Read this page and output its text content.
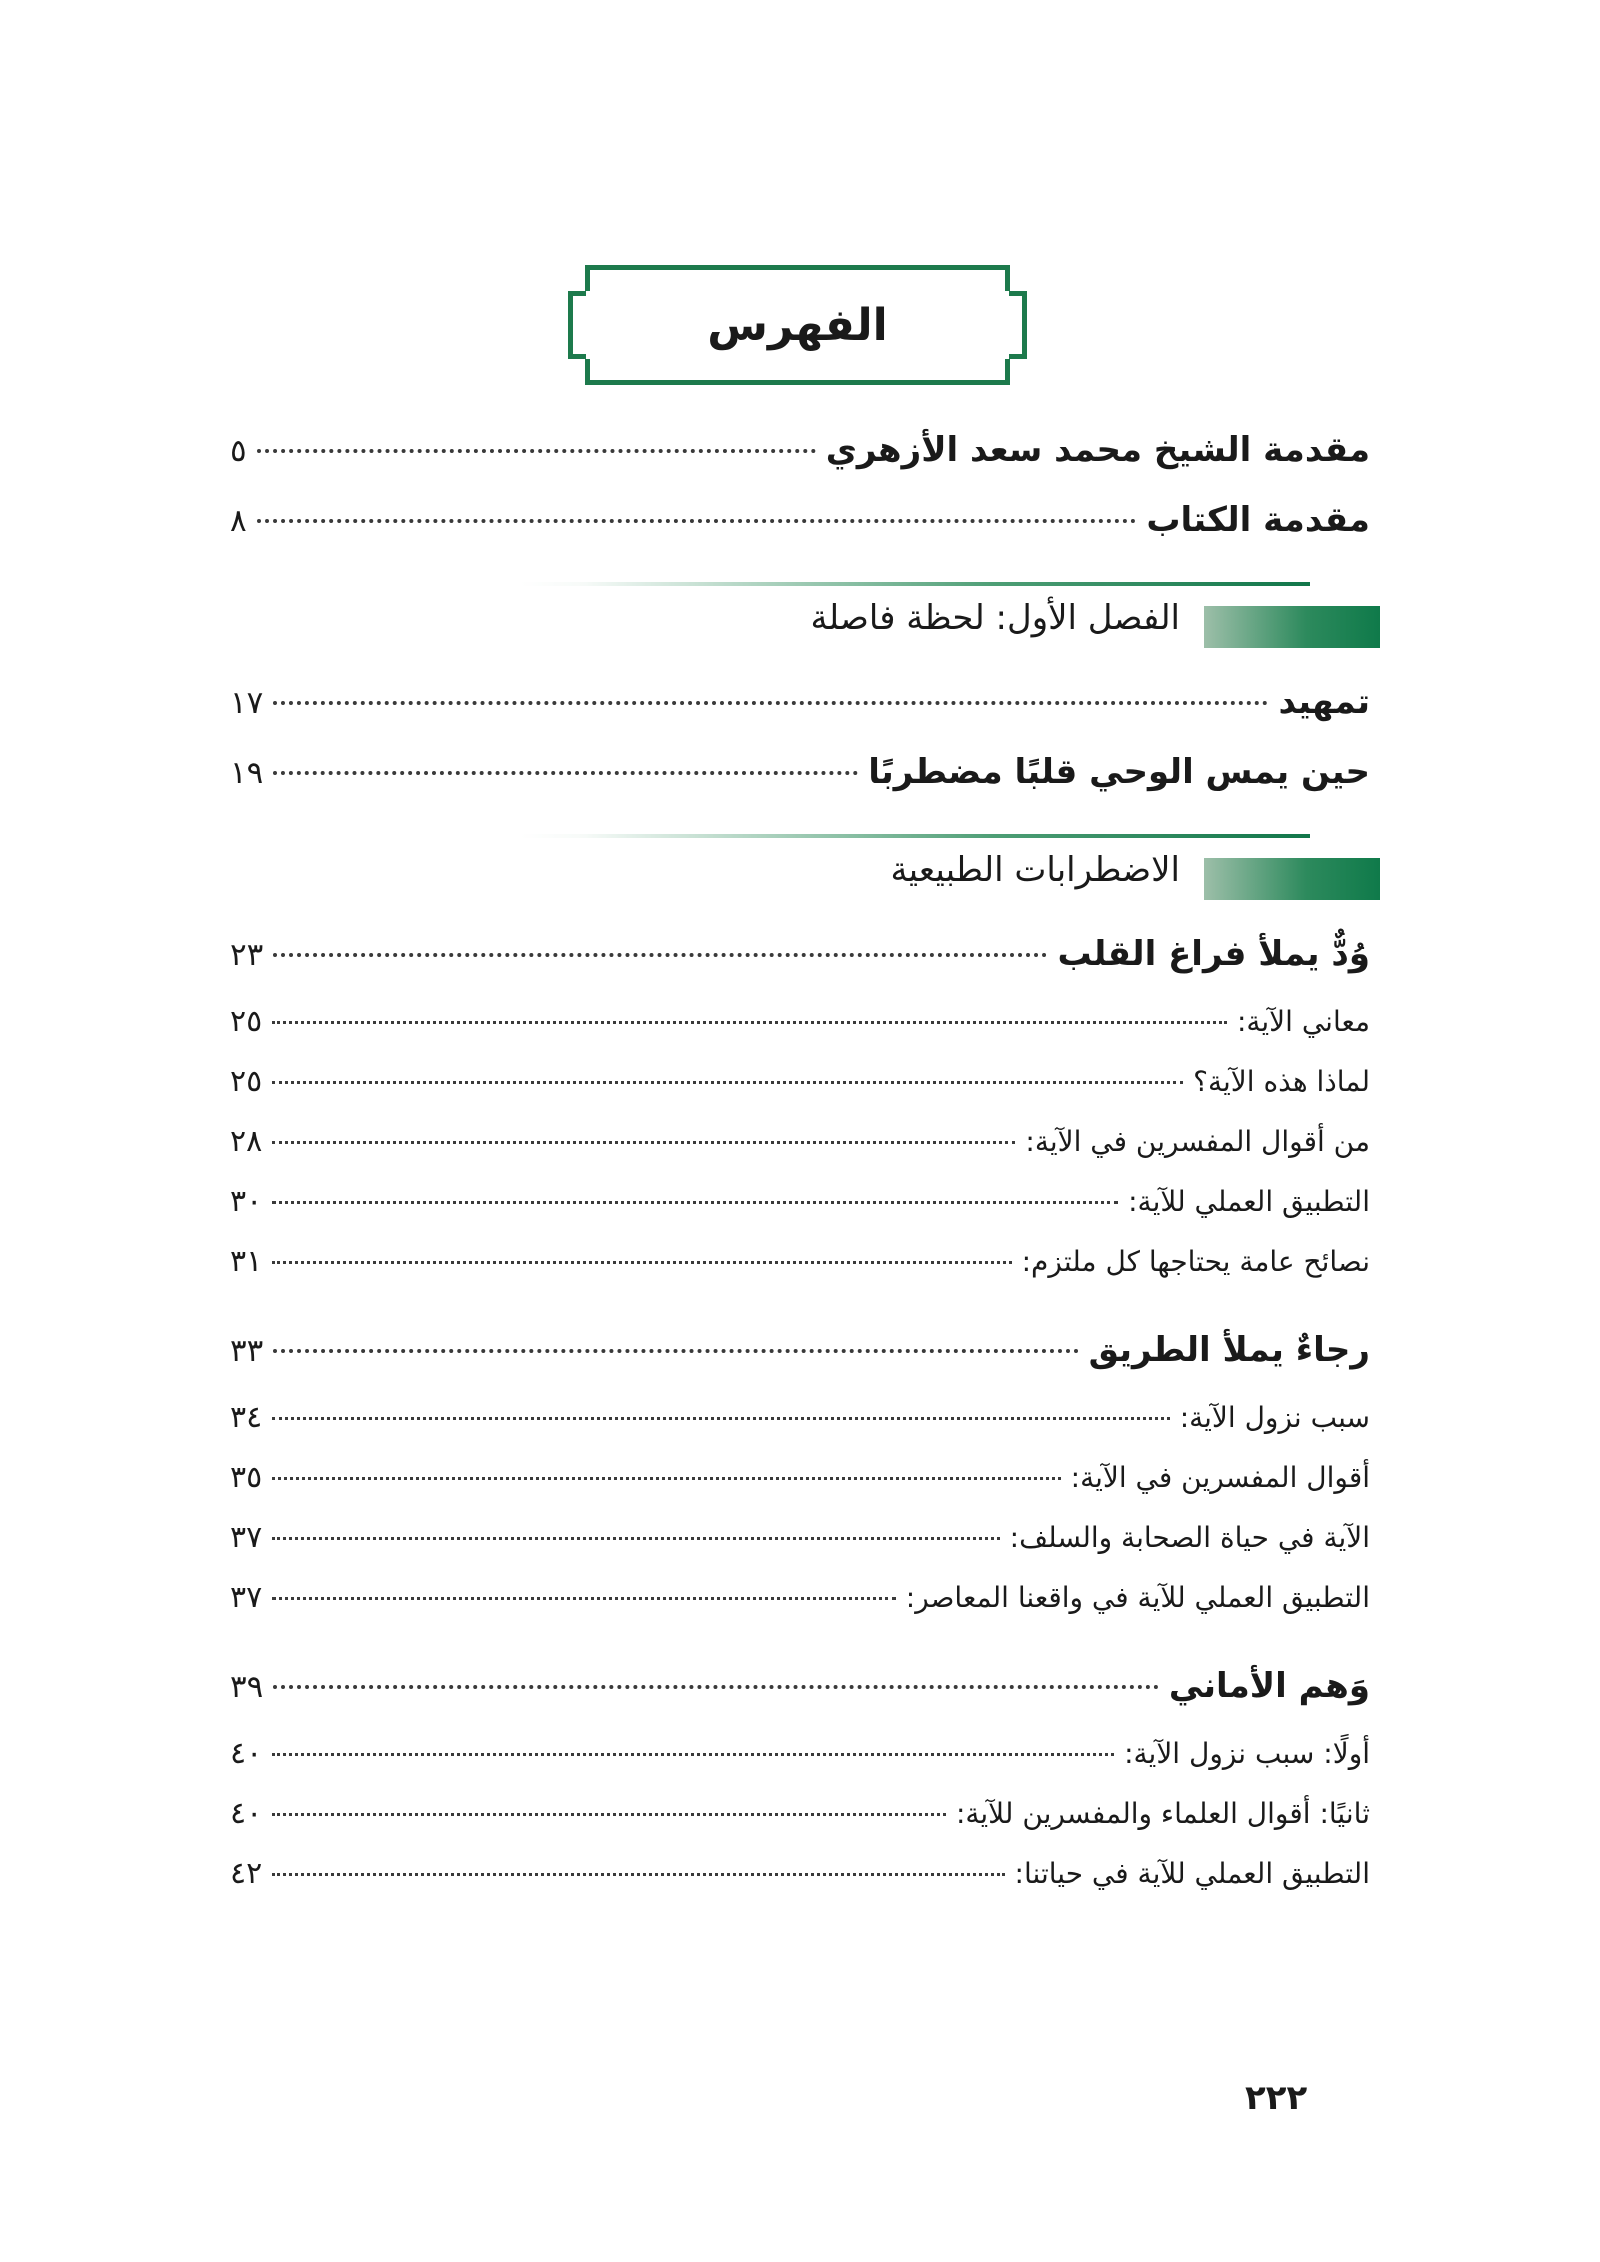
الفهرس
مقدمة الشيخ محمد سعد الأزهري
٥
مقدمة الكتاب
٨
الفصل الأول: لحظة فاصلة
تمهيد
١٧
حين يمس الوحي قلبًا مضطربًا
١٩
الاضطرابات الطبيعية
وُدٌّ يملأ فراغ القلب
٢٣
معاني الآية:
٢٥
لماذا هذه الآية؟
٢٥
من أقوال المفسرين في الآية:
٢٨
التطبيق العملي للآية:
٣٠
نصائح عامة يحتاجها كل ملتزم:
٣١
رجاءٌ يملأ الطريق
٣٣
سبب نزول الآية:
٣٤
أقوال المفسرين في الآية:
٣٥
الآية في حياة الصحابة والسلف:
٣٧
التطبيق العملي للآية في واقعنا المعاصر:
٣٧
وَهم الأماني
٣٩
أولًا: سبب نزول الآية:
٤٠
ثانيًا: أقوال العلماء والمفسرين للآية:
٤٠
التطبيق العملي للآية في حياتنا:
٤٢
٢٢٢
